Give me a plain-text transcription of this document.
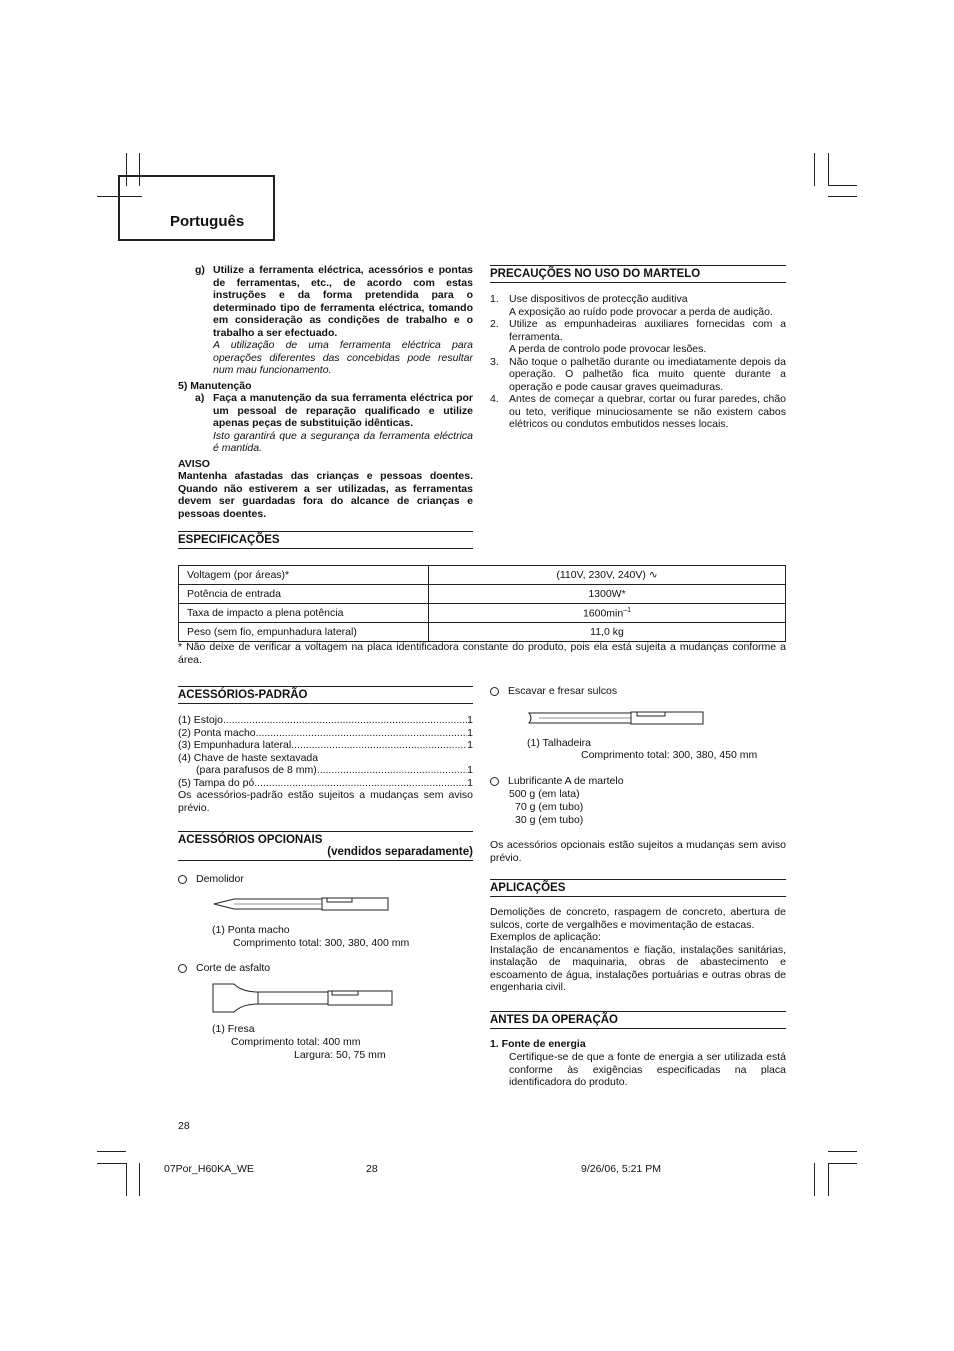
Português
g) Utilize a ferramenta eléctrica, acessórios e pontas de ferramentas, etc., de acordo com estas instruções e da forma pretendida para o determinado tipo de ferramenta eléctrica, tomando em consideração as condições de trabalho e o trabalho a ser efectuado.
A utilização de uma ferramenta eléctrica para operações diferentes das concebidas pode resultar num mau funcionamento.
5) Manutenção
a) Faça a manutenção da sua ferramenta eléctrica por um pessoal de reparação qualificado e utilize apenas peças de substituição idênticas.
Isto garantirá que a segurança da ferramenta eléctrica é mantida.
AVISO
Mantenha afastadas das crianças e pessoas doentes. Quando não estiverem a ser utilizadas, as ferramentas devem ser guardadas fora do alcance de crianças e pessoas doentes.
PRECAUÇÕES NO USO DO MARTELO
1. Use dispositivos de protecção auditiva
A exposição ao ruído pode provocar a perda de audição.
2. Utilize as empunhadeiras auxiliares fornecidas com a ferramenta.
A perda de controlo pode provocar lesões.
3. Não toque o palhetão durante ou imediatamente depois da operação. O palhetão fica muito quente durante a operação e pode causar graves queimaduras.
4. Antes de começar a quebrar, cortar ou furar paredes, chão ou teto, verifique minuciosamente se não existem cabos elétricos ou condutos embutidos nesses locais.
ESPECIFICAÇÕES
Voltagem (por áreas)*	(110V, 230V, 240V) ∿
Potência de entrada	1300W*
Taxa de impacto a plena potência	$1600\min^{-1}$
Peso (sem fio, empunhadura lateral)	11,0 kg
* Não deixe de verificar a voltagem na placa identificadora constante do produto, pois ela está sujeita a mudanças conforme a área.
ACESSÓRIOS-PADRÃO
(1) Estojo .....	1
(2) Ponta macho .....	1
(3) Empunhadura lateral .....	1
(4) Chave de haste sextavada
(para parafusos de 8 mm) .....	1
(5) Tampa do pó .....	1
Os acessórios-padrão estão sujeitos a mudanças sem aviso prévio.
ACESSÓRIOS OPCIONAIS
(vendidos separadamente)
Demolidor
(1) Ponta macho
Comprimento total: 300, 380, 400 mm
Corte de asfalto
(1) Fresa
Comprimento total: 400 mm
Largura: 50, 75 mm
Escavar e fresar sulcos
(1) Talhadeira
Comprimento total: 300, 380, 450 mm
Lubrificante A de martelo
500 g (em lata)
70 g (em tubo)
30 g (em tubo)
Os acessórios opcionais estão sujeitos a mudanças sem aviso prévio.
APLICAÇÕES
Demolições de concreto, raspagem de concreto, abertura de sulcos, corte de vergalhões e movimentação de estacas.
Exemplos de aplicação:
Instalação de encanamentos e fiação, instalações sanitárias, instalação de maquinaria, obras de abastecimento e escoamento de água, instalações portuárias e outras obras de engenharia civil.
ANTES DA OPERAÇÃO
1. Fonte de energia
Certifique-se de que a fonte de energia a ser utilizada está conforme às exigências especificadas na placa identificadora do produto.
28
07Por_H60KA_WE	28	9/26/06, 5:21 PM
